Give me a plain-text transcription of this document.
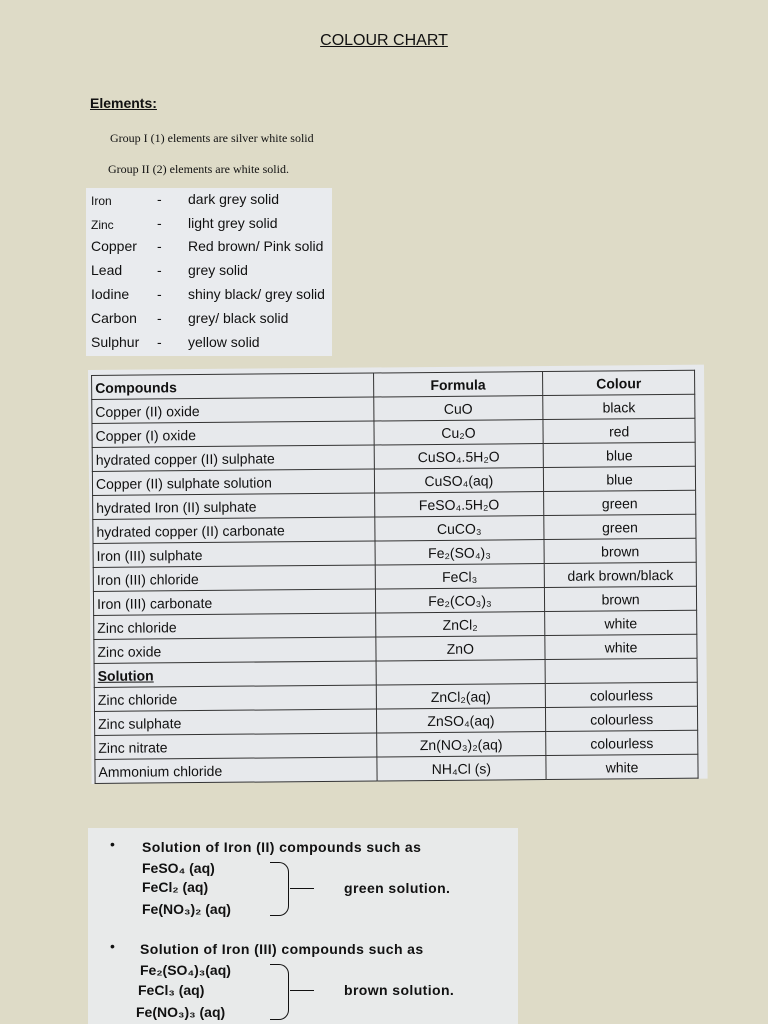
COLOUR CHART
Elements:
Group I (1) elements are silver white solid
Group II (2) elements are white solid.
Iron	- dark grey solid
Zinc	- light grey solid
Copper - Red brown/ Pink solid
Lead - grey solid
Iodine - shiny black/ grey solid
Carbon - grey/ black solid
Sulphur - yellow solid
Compounds	Formula	Colour
Copper (II) oxide	CuO	black
Copper (I) oxide	Cu₂O	red
hydrated copper (II) sulphate	CuSO₄.5H₂O	blue
Copper (II) sulphate solution	CuSO₄(aq)	blue
hydrated Iron (II) sulphate	FeSO₄.5H₂O	green
hydrated copper (II) carbonate	CuCO₃	green
Iron (III) sulphate	Fe₂(SO₄)₃	brown
Iron (III) chloride	FeCl₃	dark brown/black
Iron (III) carbonate	Fe₂(CO₃)₃	brown
Zinc chloride	ZnCl₂	white
Zinc oxide	ZnO	white
Solution		
Zinc chloride	ZnCl₂(aq)	colourless
Zinc sulphate	ZnSO₄(aq)	colourless
Zinc nitrate	Zn(NO₃)₂(aq)	colourless
Ammonium chloride	NH₄Cl (s)	white
• Solution of Iron (II) compounds such as
FeSO₄ (aq)
FeCl₂ (aq)
Fe(NO₃)₂ (aq)
green solution.
• Solution of Iron (III) compounds such as
Fe₂(SO₄)₃(aq)
FeCl₃ (aq)
Fe(NO₃)₃ (aq)
brown solution.
